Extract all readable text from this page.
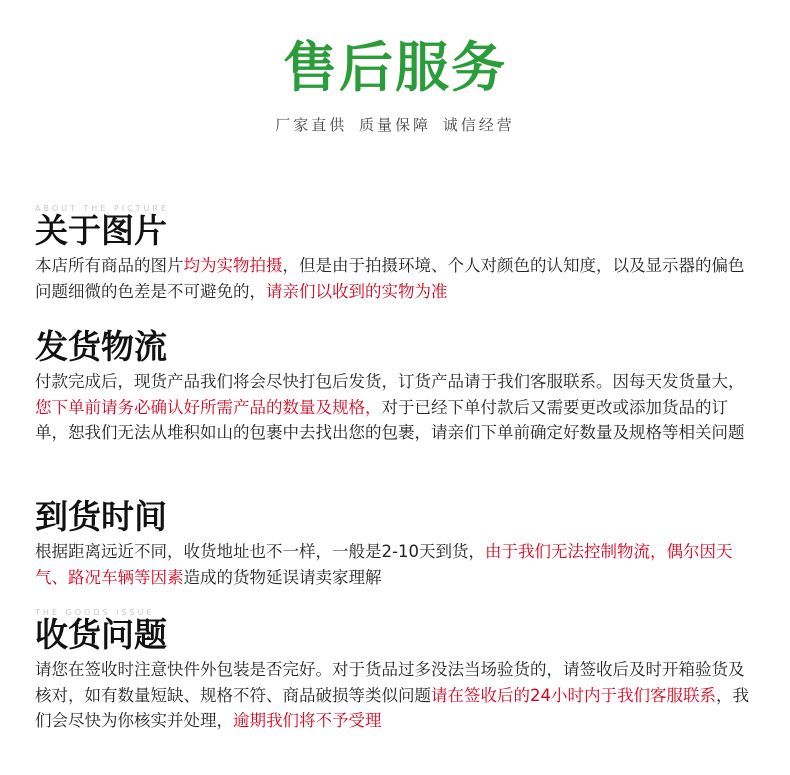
售后服务
厂家直供 质量保障 诚信经营
ABOUT THE PICTURE
关于图片
本店所有商品的图片均为实物拍摄，但是由于拍摄环境、个人对颜色的认知度，以及显示器的偏色问题细微的色差是不可避免的，请亲们以收到的实物为准
发货物流
付款完成后，现货产品我们将会尽快打包后发货，订货产品请于我们客服联系。因每天发货量大，您下单前请务必确认好所需产品的数量及规格，对于已经下单付款后又需要更改或添加货品的订单，恕我们无法从堆积如山的包裹中去找出您的包裹，请亲们下单前确定好数量及规格等相关问题
到货时间
根据距离远近不同，收货地址也不一样，一般是2-10天到货，由于我们无法控制物流，偶尔因天气、路况车辆等因素造成的货物延误请卖家理解
THE GOODS ISSUE
收货问题
请您在签收时注意快件外包装是否完好。对于货品过多没法当场验货的，请签收后及时开箱验货及核对，如有数量短缺、规格不符、商品破损等类似问题请在签收后的24小时内于我们客服联系，我们会尽快为你核实并处理，逾期我们将不予受理
